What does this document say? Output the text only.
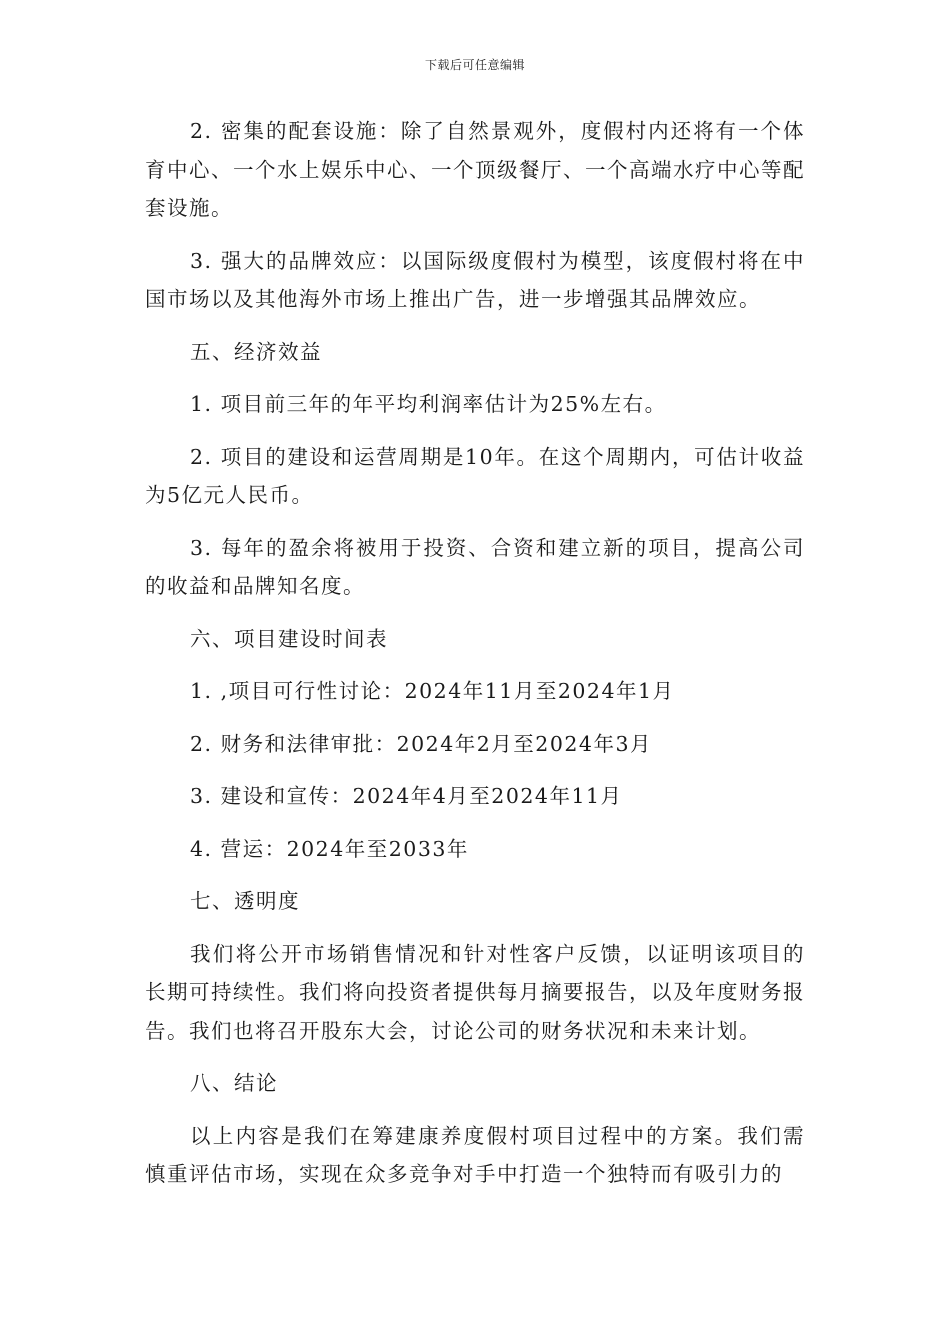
下载后可任意编辑

2. 密集的配套设施：除了自然景观外，度假村内还将有一个体育中心、一个水上娱乐中心、一个顶级餐厅、一个高端水疗中心等配套设施。

3. 强大的品牌效应：以国际级度假村为模型，该度假村将在中国市场以及其他海外市场上推出广告，进一步增强其品牌效应。

五、经济效益

1. 项目前三年的年平均利润率估计为25%左右。

2. 项目的建设和运营周期是10年。在这个周期内，可估计收益为5亿元人民币。

3. 每年的盈余将被用于投资、合资和建立新的项目，提高公司的收益和品牌知名度。

六、项目建设时间表

1. ,项目可行性讨论：2024年11月至2024年1月

2. 财务和法律审批：2024年2月至2024年3月

3. 建设和宣传：2024年4月至2024年11月

4. 营运：2024年至2033年

七、透明度

我们将公开市场销售情况和针对性客户反馈，以证明该项目的长期可持续性。我们将向投资者提供每月摘要报告，以及年度财务报告。我们也将召开股东大会，讨论公司的财务状况和未来计划。

八、结论

以上内容是我们在筹建康养度假村项目过程中的方案。我们需慎重评估市场，实现在众多竞争对手中打造一个独特而有吸引力的
